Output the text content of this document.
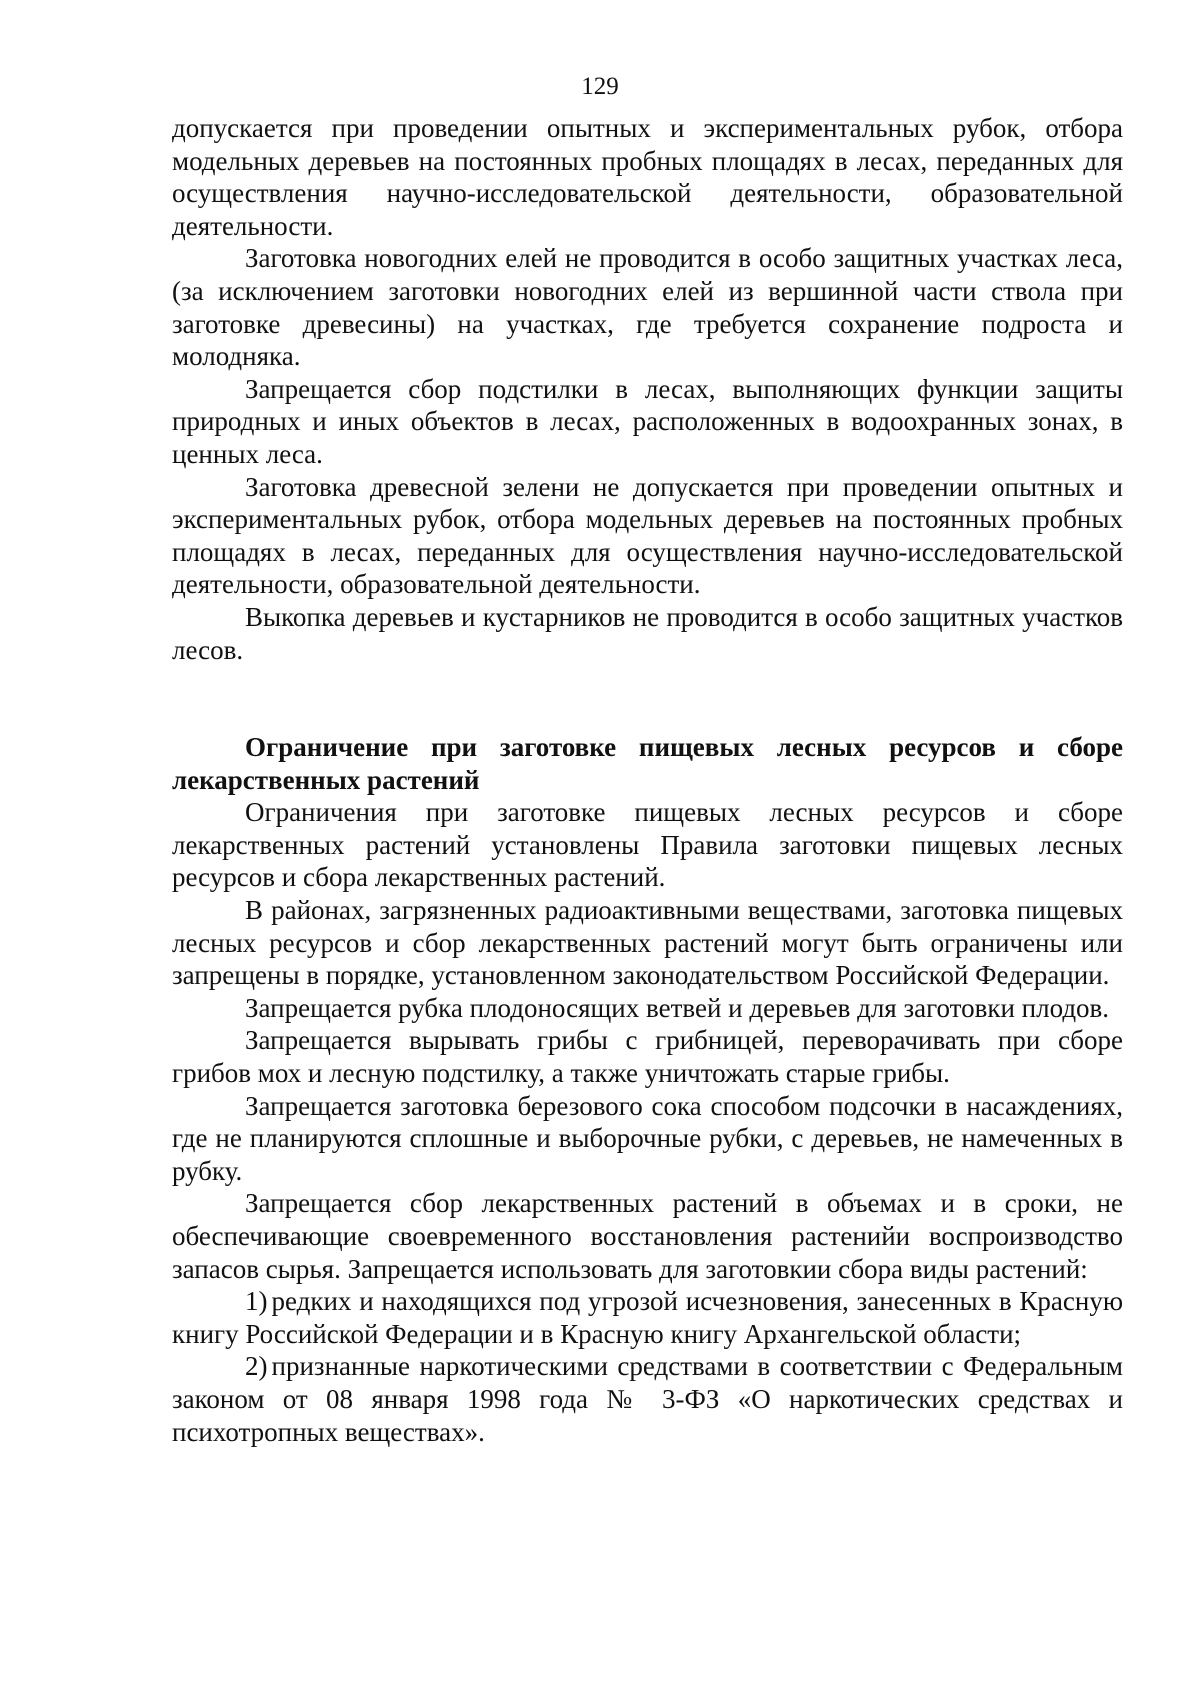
129

допускается при проведении опытных и экспериментальных рубок, отбора модельных деревьев на постоянных пробных площадях в лесах, переданных для осуществления научно-исследовательской деятельности, образовательной деятельности.

Заготовка новогодних елей не проводится в особо защитных участках леса, (за исключением заготовки новогодних елей из вершинной части ствола при заготовке древесины) на участках, где требуется сохранение подроста и молодняка.

Запрещается сбор подстилки в лесах, выполняющих функции защиты природных и иных объектов в лесах, расположенных в водоохранных зонах, в ценных леса.

Заготовка древесной зелени не допускается при проведении опытных и экспериментальных рубок, отбора модельных деревьев на постоянных пробных площадях в лесах, переданных для осуществления научно-исследовательской деятельности, образовательной деятельности.

Выкопка деревьев и кустарников не проводится в особо защитных участков лесов.

Ограничение при заготовке пищевых лесных ресурсов и сборе лекарственных растений

Ограничения при заготовке пищевых лесных ресурсов и сборе лекарственных растений установлены Правила заготовки пищевых лесных ресурсов и сбора лекарственных растений.

В районах, загрязненных радиоактивными веществами, заготовка пищевых лесных ресурсов и сбор лекарственных растений могут быть ограничены или запрещены в порядке, установленном законодательством Российской Федерации.

Запрещается рубка плодоносящих ветвей и деревьев для заготовки плодов.

Запрещается вырывать грибы с грибницей, переворачивать при сборе грибов мох и лесную подстилку, а также уничтожать старые грибы.

Запрещается заготовка березового сока способом подсочки в насаждениях, где не планируются сплошные и выборочные рубки, с деревьев, не намеченных в рубку.

Запрещается сбор лекарственных растений в объемах и в сроки, не обеспечивающие своевременного восстановления растенийи воспроизводство запасов сырья. Запрещается использовать для заготовкии сбора виды растений:

1) редких и находящихся под угрозой исчезновения, занесенных в Красную книгу Российской Федерации и в Красную книгу Архангельской области;

2) признанные наркотическими средствами в соответствии с Федеральным законом от 08 января 1998 года № 3-ФЗ «О наркотических средствах и психотропных веществах».
